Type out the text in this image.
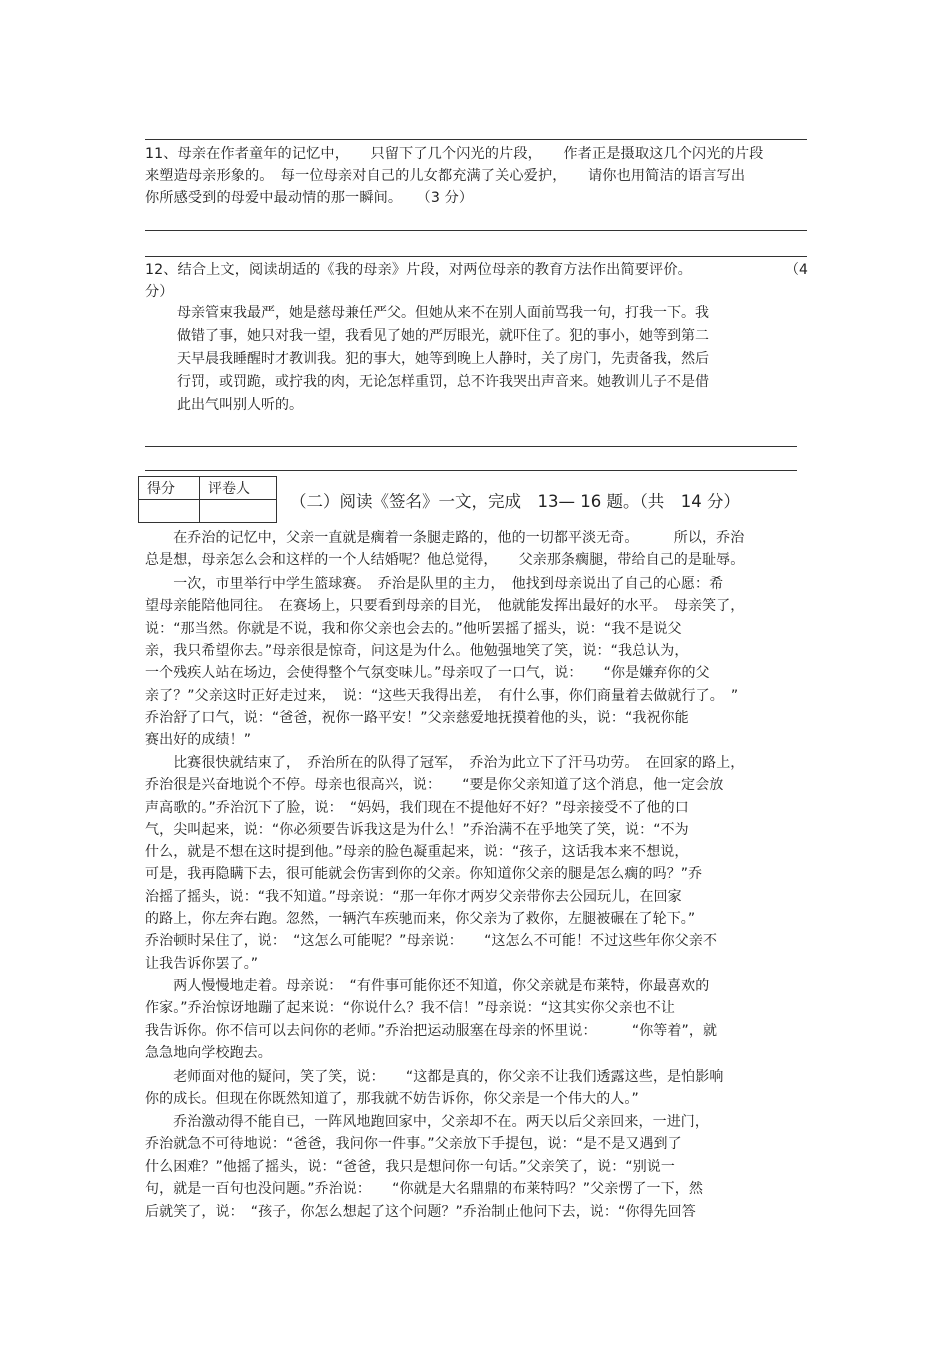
11、母亲在作者童年的记忆中，　　只留下了几个闪光的片段，　　作者正是摄取这几个闪光的片段
来塑造母亲形象的。　每一位母亲对自己的儿女都充满了关心爱护，　　请你也用简洁的语言写出
你所感受到的母爱中最动情的那一瞬间。　　（3 分）
12、结合上文，阅读胡适的《我的母亲》片段，对两位母亲的教育方法作出简要评价。	（4
分）
母亲管束我最严，她是慈母兼任严父。但她从来不在别人面前骂我一句，打我一下。我
做错了事，她只对我一望，我看见了她的严厉眼光，就吓住了。犯的事小，她等到第二
天早晨我睡醒时才教训我。犯的事大，她等到晚上人静时，关了房门，先责备我，然后
行罚，或罚跪，或拧我的肉，无论怎样重罚，总不许我哭出声音来。她教训儿子不是借
此出气叫别人听的。
得分	评卷人

（二）阅读《签名》一文，完成　13— 16 题。（共　14 分）
　　在乔治的记忆中，父亲一直就是瘸着一条腿走路的，他的一切都平淡无奇。　　　所以，乔治
总是想，母亲怎么会和这样的一个人结婚呢？他总觉得，　　父亲那条瘸腿，带给自己的是耻辱。
　　一次，市里举行中学生篮球赛。　乔治是队里的主力，　他找到母亲说出了自己的心愿：希
望母亲能陪他同往。　在赛场上，只要看到母亲的目光，　他就能发挥出最好的水平。　母亲笑了，
说：“那当然。你就是不说，我和你父亲也会去的。”他听罢摇了摇头，说：“我不是说父
亲，我只希望你去。”母亲很是惊奇，问这是为什么。他勉强地笑了笑，说：“我总认为，
一个残疾人站在场边，会使得整个气氛变味儿。”母亲叹了一口气，说：　　“你是嫌弃你的父
亲了？”父亲这时正好走过来，　说：“这些天我得出差，　有什么事，你们商量着去做就行了。　”
乔治舒了口气，说：“爸爸，祝你一路平安！”父亲慈爱地抚摸着他的头，说：“我祝你能
赛出好的成绩！”
　　比赛很快就结束了，　乔治所在的队得了冠军，　乔治为此立下了汗马功劳。　在回家的路上，
乔治很是兴奋地说个不停。母亲也很高兴，说：　　“要是你父亲知道了这个消息，他一定会放
声高歌的。”乔治沉下了脸，说：　“妈妈，我们现在不提他好不好？”母亲接受不了他的口
气，尖叫起来，说：“你必须要告诉我这是为什么！”乔治满不在乎地笑了笑，说：“不为
什么，就是不想在这时提到他。”母亲的脸色凝重起来，说：“孩子，这话我本来不想说，
可是，我再隐瞒下去，很可能就会伤害到你的父亲。你知道你父亲的腿是怎么瘸的吗？”乔
治摇了摇头，说：“我不知道。”母亲说：“那一年你才两岁父亲带你去公园玩儿，在回家
的路上，你左奔右跑。忽然，一辆汽车疾驰而来，你父亲为了救你，左腿被碾在了轮下。”
乔治顿时呆住了，说：　“这怎么可能呢？”母亲说：　　“这怎么不可能！不过这些年你父亲不
让我告诉你罢了。”
　　两人慢慢地走着。母亲说：　“有件事可能你还不知道，你父亲就是布莱特，你最喜欢的
作家。”乔治惊讶地蹦了起来说：“你说什么？我不信！”母亲说：“这其实你父亲也不让
我告诉你。你不信可以去问你的老师。”乔治把运动服塞在母亲的怀里说：　　　“你等着”，就
急急地向学校跑去。
　　老师面对他的疑问，笑了笑，说：　　“这都是真的，你父亲不让我们透露这些，是怕影响
你的成长。但现在你既然知道了，那我就不妨告诉你，你父亲是一个伟大的人。”
　　乔治激动得不能自已，一阵风地跑回家中，父亲却不在。两天以后父亲回来，一进门，
乔治就急不可待地说：“爸爸，我问你一件事。”父亲放下手提包，说：“是不是又遇到了
什么困难？”他摇了摇头，说：“爸爸，我只是想问你一句话。”父亲笑了，说：“别说一
句，就是一百句也没问题。”乔治说：　　“你就是大名鼎鼎的布莱特吗？”父亲愣了一下，然
后就笑了，说：　“孩子，你怎么想起了这个问题？”乔治制止他问下去，说：“你得先回答
